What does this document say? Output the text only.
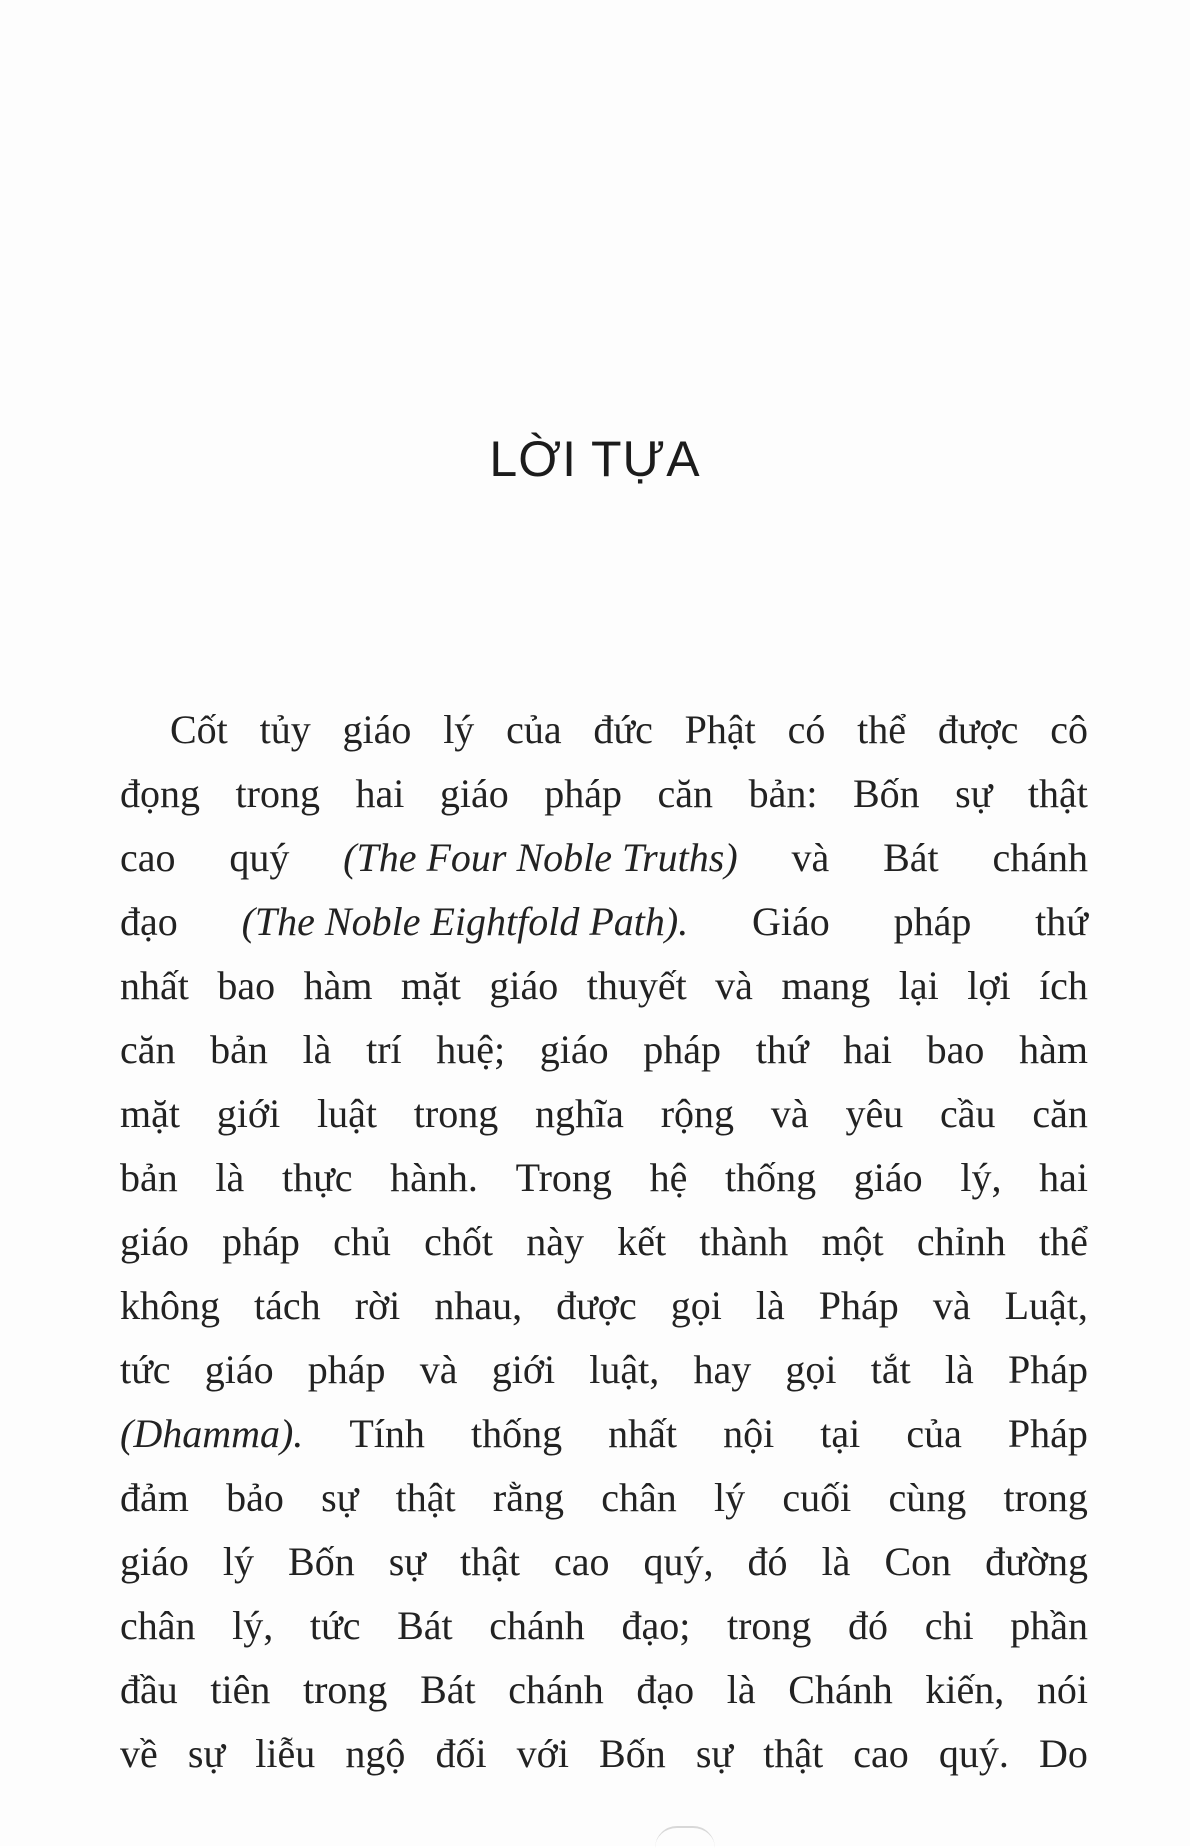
LỜI TỰA
Cốt tủy giáo lý của đức Phật có thể được cô
đọng trong hai giáo pháp căn bản: Bốn sự thật
cao quý (The Four Noble Truths) và Bát chánh
đạo (The Noble Eightfold Path). Giáo pháp thứ
nhất bao hàm mặt giáo thuyết và mang lại lợi ích
căn bản là trí huệ; giáo pháp thứ hai bao hàm
mặt giới luật trong nghĩa rộng và yêu cầu căn
bản là thực hành. Trong hệ thống giáo lý, hai
giáo pháp chủ chốt này kết thành một chỉnh thể
không tách rời nhau, được gọi là Pháp và Luật,
tức giáo pháp và giới luật, hay gọi tắt là Pháp
(Dhamma). Tính thống nhất nội tại của Pháp
đảm bảo sự thật rằng chân lý cuối cùng trong
giáo lý Bốn sự thật cao quý, đó là Con đường
chân lý, tức Bát chánh đạo; trong đó chi phần
đầu tiên trong Bát chánh đạo là Chánh kiến, nói
về sự liễu ngộ đối với Bốn sự thật cao quý. Do
